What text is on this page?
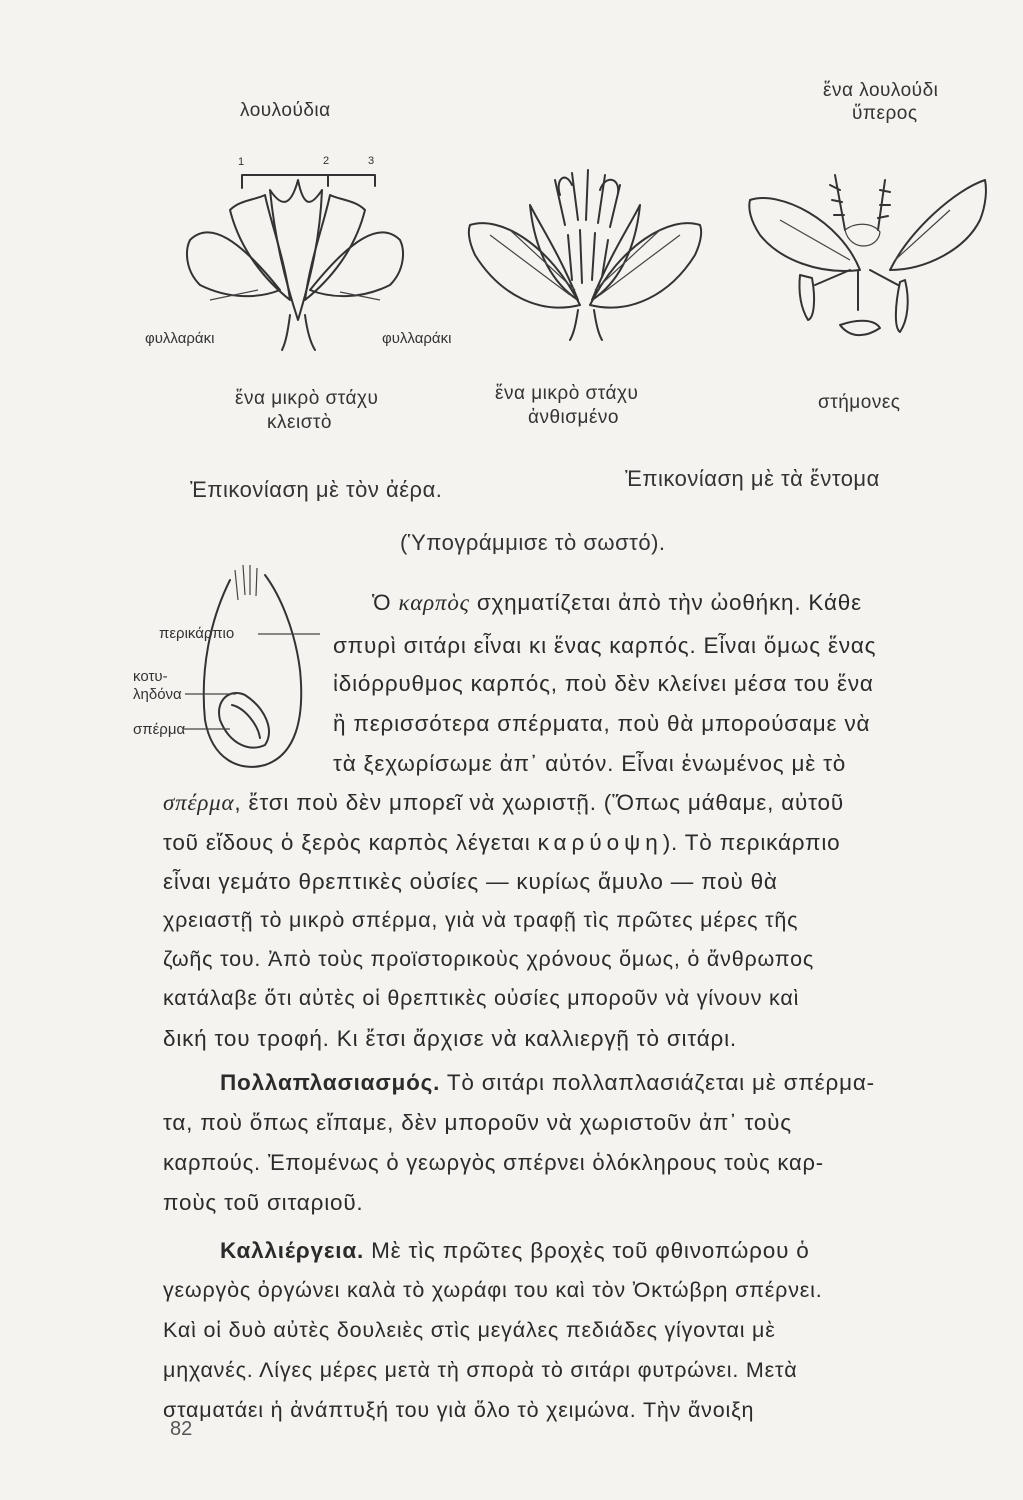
λουλούδια
1	2	3
φυλλαράκι	φυλλαράκι
ἕνα μικρὸ στάχυ
κλειστὸ
ἕνα μικρὸ στάχυ
ἀνθισμένο
ἕνα λουλούδι
ὕπερος
στήμονες
Ἐπικονίαση μὲ τὸν ἀέρα.	Ἐπικονίαση μὲ τὰ ἔντομα
(Ὑπογράμμισε τὸ σωστό).
περικάρπιο
κοτυ-
ληδόνα
σπέρμα
Ὁ καρπὸς σχηματίζεται ἀπὸ τὴν ὠοθήκη. Κάθε
σπυρὶ σιτάρι εἶναι κι ἕνας καρπός. Εἶναι ὅμως ἕνας
ἰδιόρρυθμος καρπός, ποὺ δὲν κλείνει μέσα του ἕνα
ἢ περισσότερα σπέρματα, ποὺ θὰ μπορούσαμε νὰ
τὰ ξεχωρίσωμε ἀπ᾿ αὐτόν. Εἶναι ἑνωμένος μὲ τὸ
σπέρμα, ἔτσι ποὺ δὲν μπορεῖ νὰ χωριστῇ. (Ὅπως μάθαμε, αὐτοῦ
τοῦ εἴδους ὁ ξερὸς καρπὸς λέγεται καρύοψη). Τὸ περικάρπιο
εἶναι γεμάτο θρεπτικὲς οὐσίες — κυρίως ἄμυλο — ποὺ θὰ
χρειαστῇ τὸ μικρὸ σπέρμα, γιὰ νὰ τραφῇ τὶς πρῶτες μέρες τῆς
ζωῆς του. Ἀπὸ τοὺς προϊστορικοὺς χρόνους ὅμως, ὁ ἄνθρωπος
κατάλαβε ὅτι αὐτὲς οἱ θρεπτικὲς οὐσίες μποροῦν νὰ γίνουν καὶ
δική του τροφή. Κι ἔτσι ἄρχισε νὰ καλλιεργῇ τὸ σιτάρι.
Πολλαπλασιασμός. Τὸ σιτάρι πολλαπλασιάζεται μὲ σπέρμα-
τα, ποὺ ὅπως εἴπαμε, δὲν μποροῦν νὰ χωριστοῦν ἀπ᾿ τοὺς
καρπούς. Ἐπομένως ὁ γεωργὸς σπέρνει ὁλόκληρους τοὺς καρ-
ποὺς τοῦ σιταριοῦ.
Καλλιέργεια. Μὲ τὶς πρῶτες βροχὲς τοῦ φθινοπώρου ὁ
γεωργὸς ὀργώνει καλὰ τὸ χωράφι του καὶ τὸν Ὀκτώβρη σπέρνει.
Καὶ οἱ δυὸ αὐτὲς δουλειὲς στὶς μεγάλες πεδιάδες γίγονται μὲ
μηχανές. Λίγες μέρες μετὰ τὴ σπορὰ τὸ σιτάρι φυτρώνει. Μετὰ
σταματάει ἡ ἀνάπτυξή του γιὰ ὅλο τὸ χειμώνα. Τὴν ἄνοιξη
82
